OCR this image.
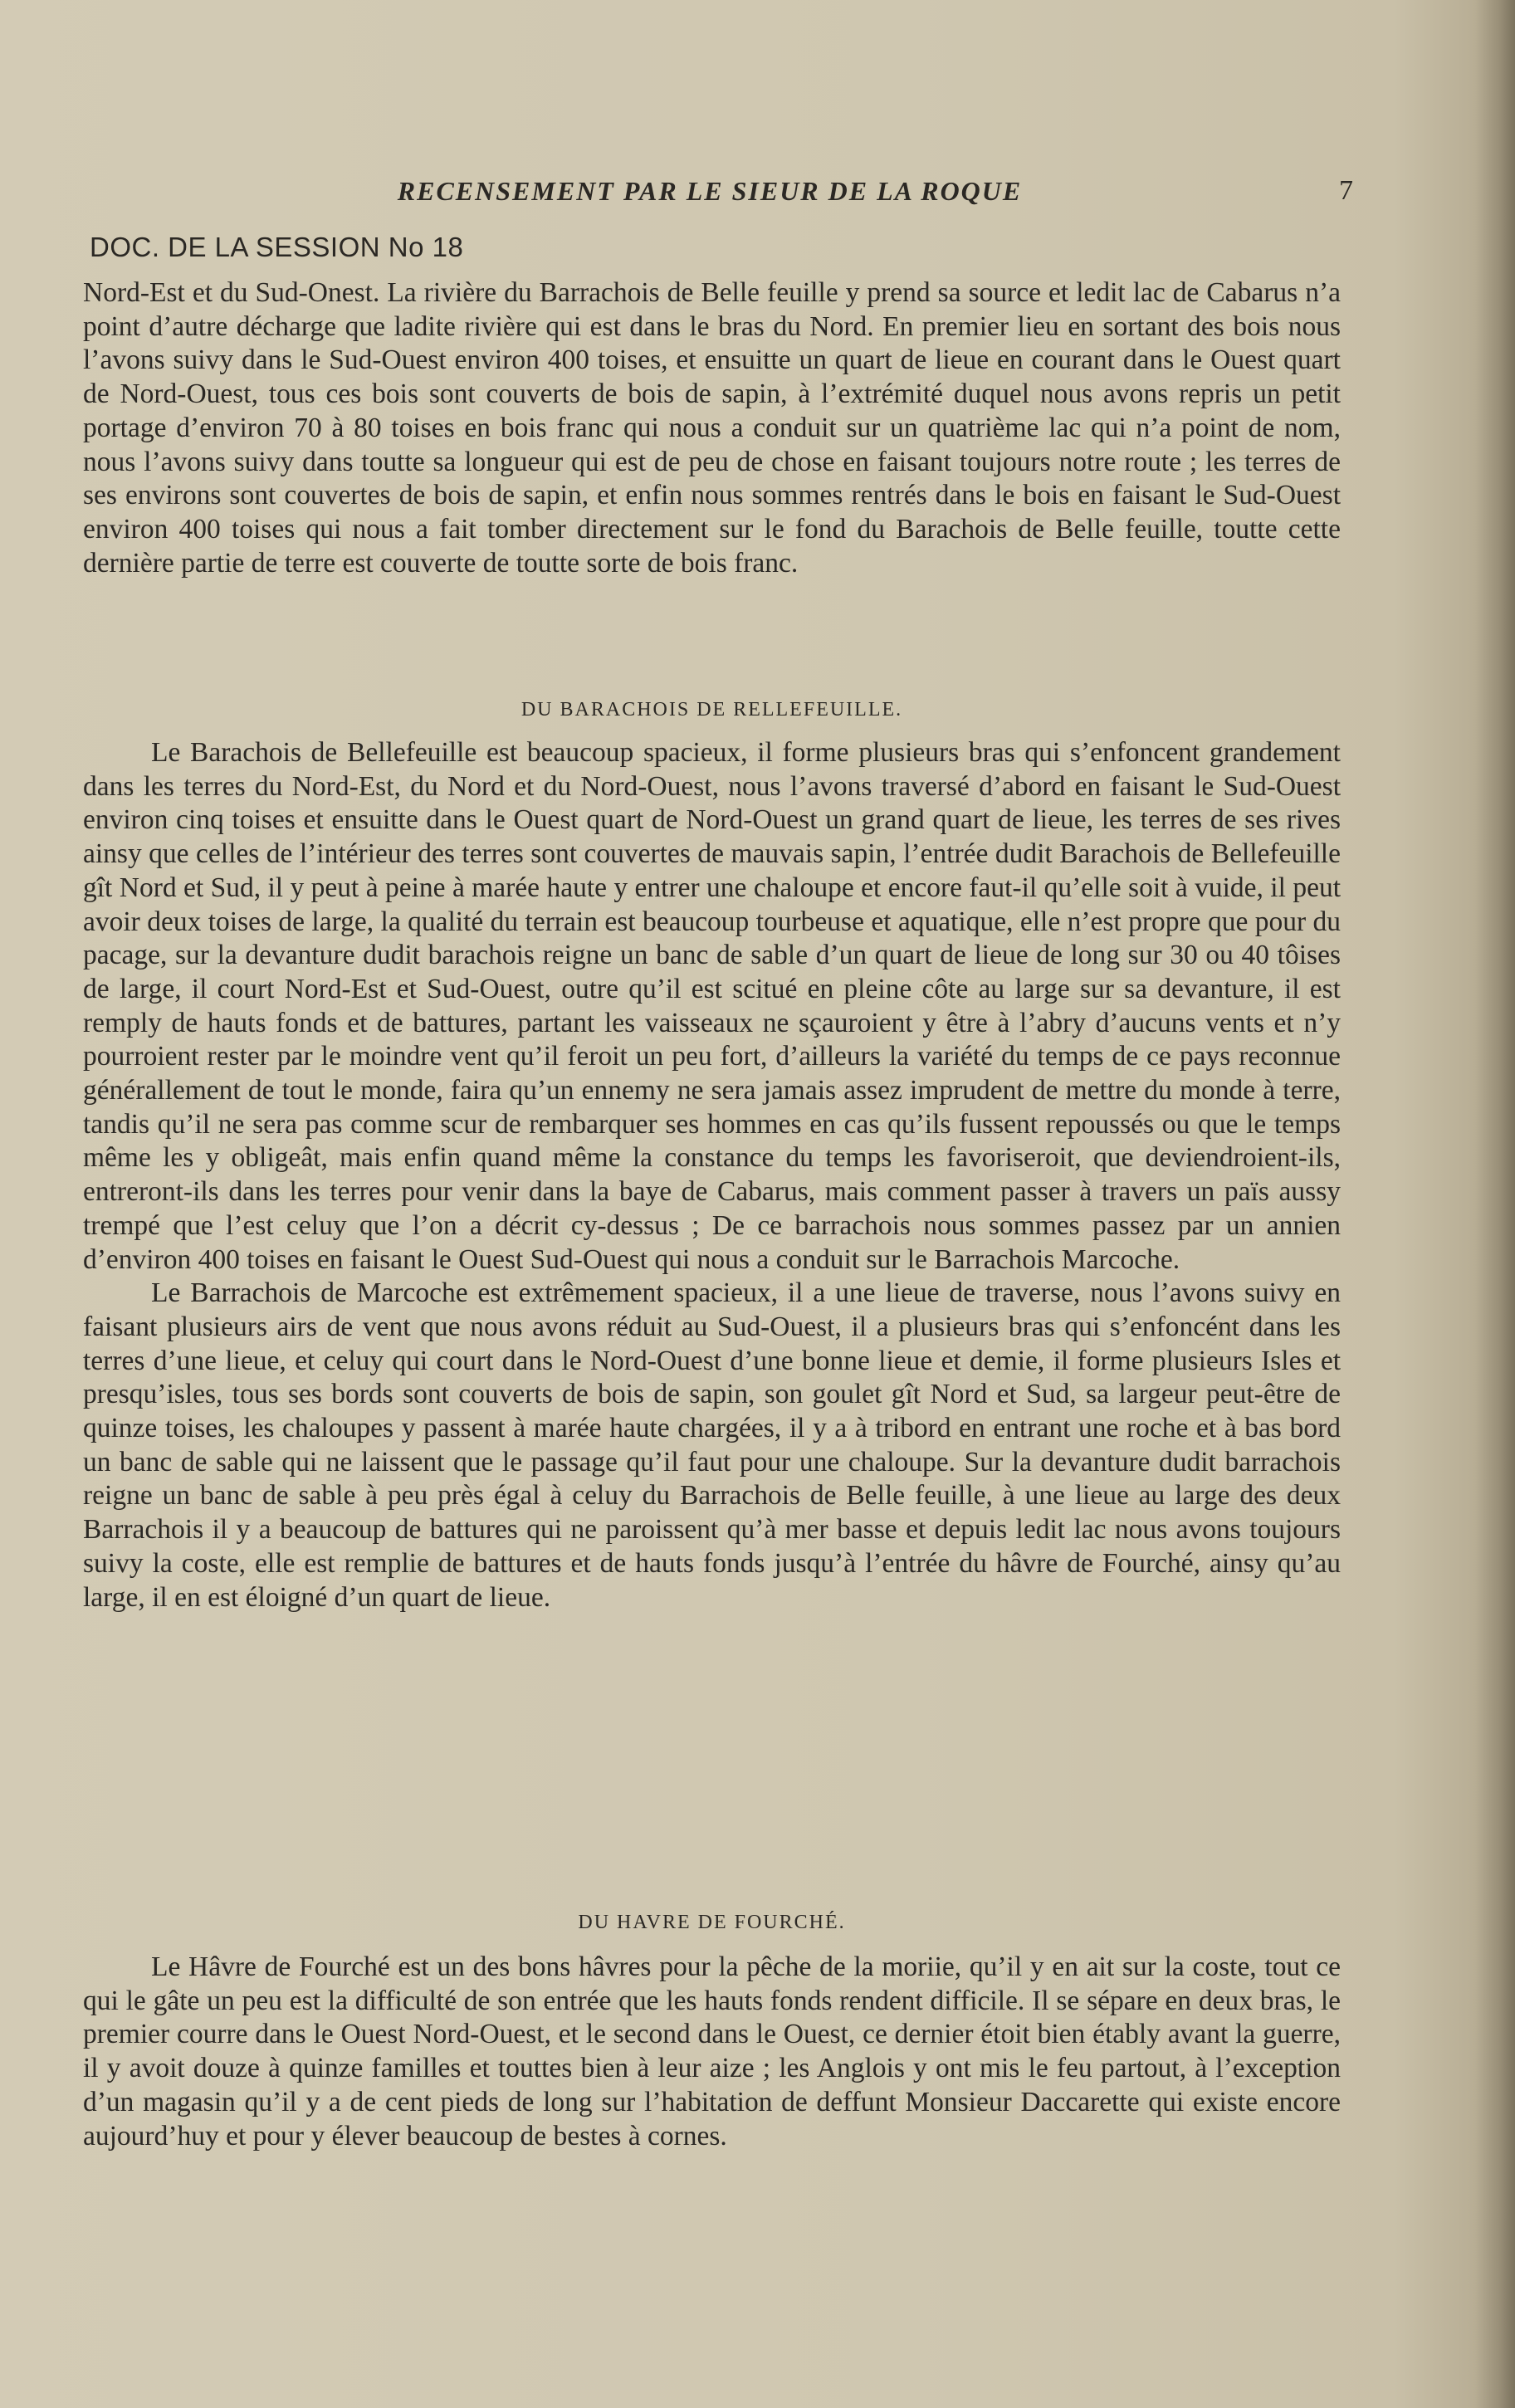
RECENSEMENT PAR LE SIEUR DE LA ROQUE	7
DOC. DE LA SESSION No 18

Nord-Est et du Sud-Onest. La rivière du Barrachois de Belle feuille y prend sa source et ledit lac de Cabarus n’a point d’autre décharge que ladite rivière qui est dans le bras du Nord. En premier lieu en sortant des bois nous l’avons suivy dans le Sud-Ouest environ 400 toises, et ensuitte un quart de lieue en courant dans le Ouest quart de Nord-Ouest, tous ces bois sont couverts de bois de sapin, à l’extrémité duquel nous avons repris un petit portage d’environ 70 à 80 toises en bois franc qui nous a conduit sur un quatrième lac qui n’a point de nom, nous l’avons suivy dans toutte sa longueur qui est de peu de chose en faisant toujours notre route ; les terres de ses environs sont couvertes de bois de sapin, et enfin nous sommes rentrés dans le bois en faisant le Sud-Ouest environ 400 toises qui nous a fait tomber directement sur le fond du Barachois de Belle feuille, toutte cette dernière partie de terre est couverte de toutte sorte de bois franc.

DU BARACHOIS DE RELLEFEUILLE.

Le Barachois de Bellefeuille est beaucoup spacieux, il forme plusieurs bras qui s’enfoncent grandement dans les terres du Nord-Est, du Nord et du Nord-Ouest, nous l’avons traversé d’abord en faisant le Sud-Ouest environ cinq toises et ensuitte dans le Ouest quart de Nord-Ouest un grand quart de lieue, les terres de ses rives ainsy que celles de l’intérieur des terres sont couvertes de mauvais sapin, l’entrée dudit Barachois de Bellefeuille gît Nord et Sud, il y peut à peine à marée haute y entrer une chaloupe et encore faut-il qu’elle soit à vuide, il peut avoir deux toises de large, la qualité du terrain est beaucoup tourbeuse et aquatique, elle n’est propre que pour du pacage, sur la devanture dudit barachois reigne un banc de sable d’un quart de lieue de long sur 30 ou 40 tôises de large, il court Nord-Est et Sud-Ouest, outre qu’il est scitué en pleine côte au large sur sa devanture, il est remply de hauts fonds et de battures, partant les vaisseaux ne sçauroient y être à l’abry d’aucuns vents et n’y pourroient rester par le moindre vent qu’il feroit un peu fort, d’ailleurs la variété du temps de ce pays reconnue générallement de tout le monde, faira qu’un ennemy ne sera jamais assez imprudent de mettre du monde à terre, tandis qu’il ne sera pas comme scur de rembarquer ses hommes en cas qu’ils fussent repoussés ou que le temps même les y obligeât, mais enfin quand même la constance du temps les favoriseroit, que deviendroient-ils, entreront-ils dans les terres pour venir dans la baye de Cabarus, mais comment passer à travers un païs aussy trempé que l’est celuy que l’on a décrit cy-dessus ; De ce barrachois nous sommes passez par un annien d’environ 400 toises en faisant le Ouest Sud-Ouest qui nous a conduit sur le Barrachois Marcoche.

Le Barrachois de Marcoche est extrêmement spacieux, il a une lieue de traverse, nous l’avons suivy en faisant plusieurs airs de vent que nous avons réduit au Sud-Ouest, il a plusieurs bras qui s’enfoncént dans les terres d’une lieue, et celuy qui court dans le Nord-Ouest d’une bonne lieue et demie, il forme plusieurs Isles et presqu’isles, tous ses bords sont couverts de bois de sapin, son goulet gît Nord et Sud, sa largeur peut-être de quinze toises, les chaloupes y passent à marée haute chargées, il y a à tribord en entrant une roche et à bas bord un banc de sable qui ne laissent que le passage qu’il faut pour une chaloupe. Sur la devanture dudit barrachois reigne un banc de sable à peu près égal à celuy du Barrachois de Belle feuille, à une lieue au large des deux Barrachois il y a beaucoup de battures qui ne paroissent qu’à mer basse et depuis ledit lac nous avons toujours suivy la coste, elle est remplie de battures et de hauts fonds jusqu’à l’entrée du hâvre de Fourché, ainsy qu’au large, il en est éloigné d’un quart de lieue.

DU HAVRE DE FOURCHÉ.

Le Hâvre de Fourché est un des bons hâvres pour la pêche de la moriie, qu’il y en ait sur la coste, tout ce qui le gâte un peu est la difficulté de son entrée que les hauts fonds rendent difficile. Il se sépare en deux bras, le premier courre dans le Ouest Nord-Ouest, et le second dans le Ouest, ce dernier étoit bien étably avant la guerre, il y avoit douze à quinze familles et touttes bien à leur aize ; les Anglois y ont mis le feu partout, à l’exception d’un magasin qu’il y a de cent pieds de long sur l’habitation de deffunt Monsieur Daccarette qui existe encore aujourd’huy et pour y élever beaucoup de bestes à cornes.
